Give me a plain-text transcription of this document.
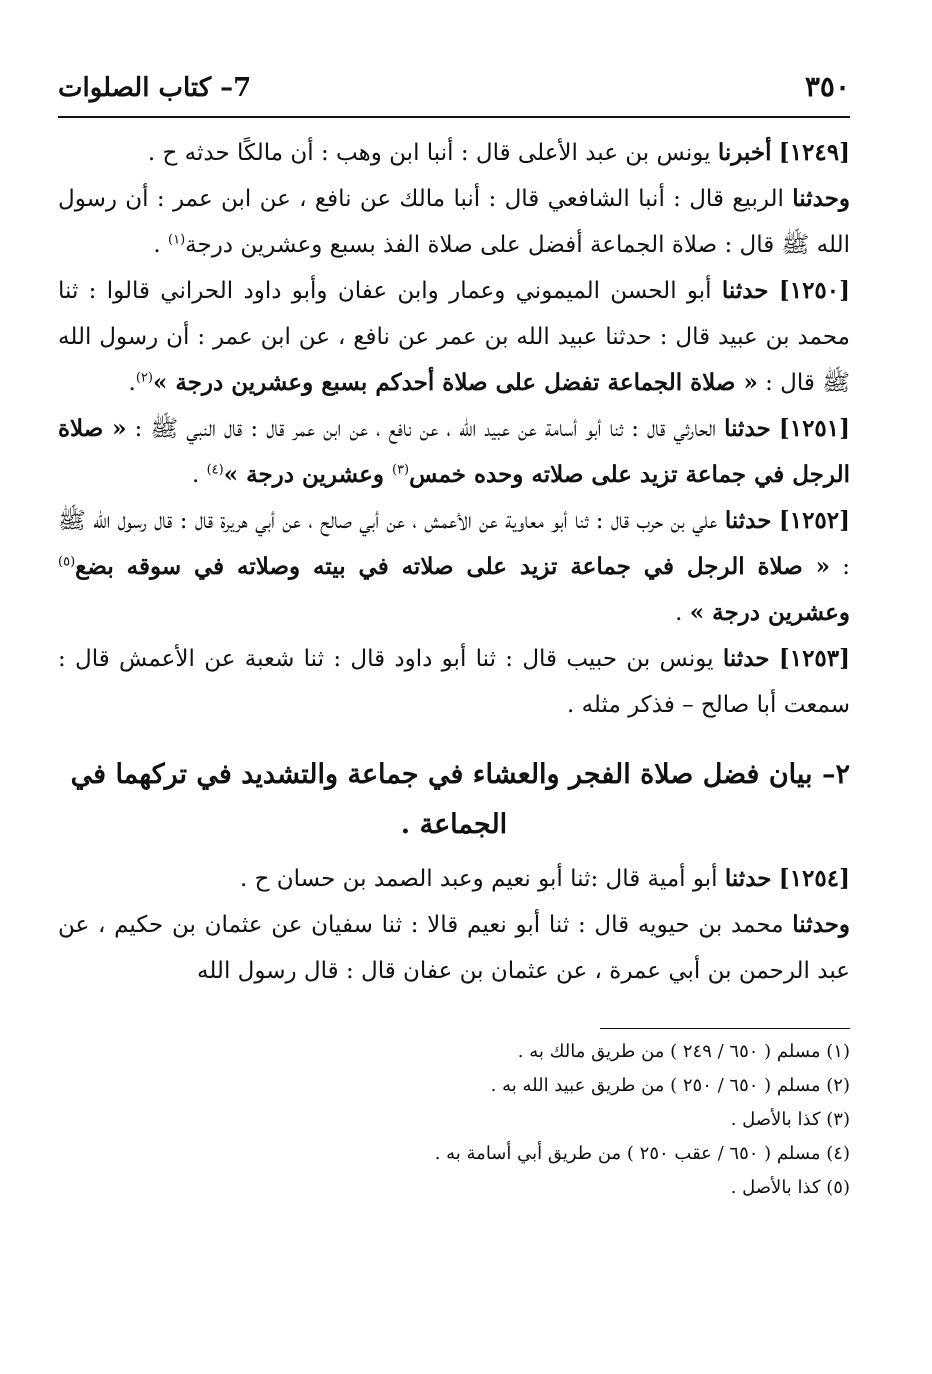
٣٥٠
7– كتاب الصلوات

[١٢٤٩] أخبرنا يونس بن عبد الأعلى قال : أنبا ابن وهب : أن مالكًا حدثه ح .

وحدثنا الربيع قال : أنبا الشافعي قال : أنبا مالك عن نافع ، عن ابن عمر : أن رسول الله ﷺ قال : صلاة الجماعة أفضل على صلاة الفذ بسبع وعشرين درجة$^{(١)}$ .

[١٢٥٠] حدثنا أبو الحسن الميموني وعمار وابن عفان وأبو داود الحراني قالوا : ثنا محمد بن عبيد قال : حدثنا عبيد الله بن عمر عن نافع ، عن ابن عمر : أن رسول الله ﷺ قال : « صلاة الجماعة تفضل على صلاة أحدكم بسبع وعشرين درجة »$^{(٢)}$.

[١٢٥١] حدثنا الحارثي قال : ثنا أبو أسامة عن عبيد الله ، عن نافع ، عن ابن عمر قال : قال النبي ﷺ : « صلاة الرجل في جماعة تزيد على صلاته وحده خمس$^{(٣)}$ وعشرين درجة »$^{(٤)}$ .

[١٢٥٢] حدثنا علي بن حرب قال : ثنا أبو معاوية عن الأعمش ، عن أبي صالح ، عن أبي هريرة قال : قال رسول الله ﷺ : « صلاة الرجل في جماعة تزيد على صلاته في بيته وصلاته في سوقه بضع$^{(٥)}$ وعشرين درجة » .

[١٢٥٣] حدثنا يونس بن حبيب قال : ثنا أبو داود قال : ثنا شعبة عن الأعمش قال : سمعت أبا صالح – فذكر مثله .

٢– بيان فضل صلاة الفجر والعشاء في جماعة والتشديد في تركهما في
الجماعة .

[١٢٥٤] حدثنا أبو أمية قال :ثنا أبو نعيم وعبد الصمد بن حسان ح .

وحدثنا محمد بن حيويه قال : ثنا أبو نعيم قالا : ثنا سفيان عن عثمان بن حكيم ، عن عبد الرحمن بن أبي عمرة ، عن عثمان بن عفان قال : قال رسول الله

(١) مسلم ( ٦٥٠ / ٢٤٩ ) من طريق مالك به .

(٢) مسلم ( ٦٥٠ / ٢٥٠ ) من طريق عبيد الله به .

(٣) كذا بالأصل .

(٤) مسلم ( ٦٥٠ / عقب ٢٥٠ ) من طريق أبي أسامة به .

(٥) كذا بالأصل .
